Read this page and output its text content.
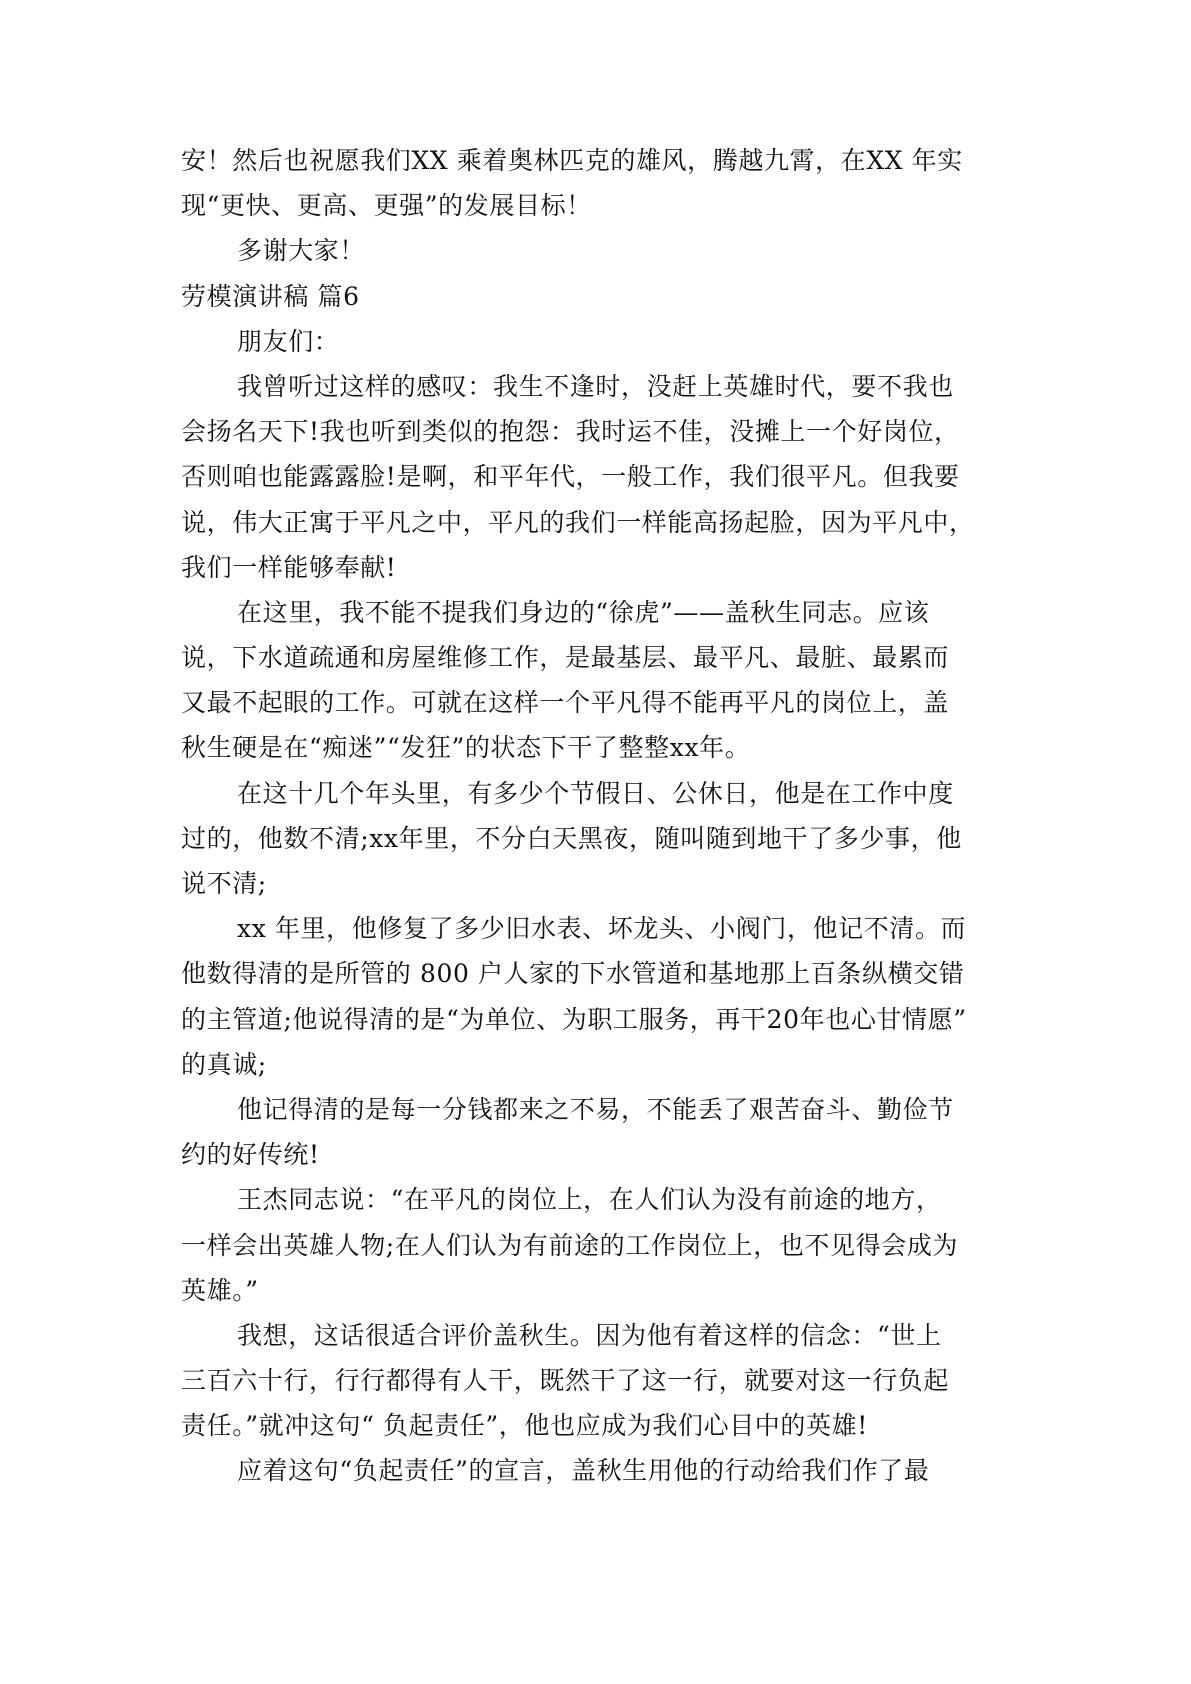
安！然后也祝愿我们XX 乘着奥林匹克的雄风，腾越九霄，在XX 年实
现“更快、更高、更强”的发展目标！
多谢大家！
劳模演讲稿 篇6
朋友们：
我曾听过这样的感叹：我生不逢时，没赶上英雄时代，要不我也
会扬名天下!我也听到类似的抱怨：我时运不佳，没摊上一个好岗位，
否则咱也能露露脸!是啊，和平年代，一般工作，我们很平凡。但我要
说，伟大正寓于平凡之中，平凡的我们一样能高扬起脸，因为平凡中，
我们一样能够奉献!
在这里，我不能不提我们身边的“徐虎”——盖秋生同志。应该
说，下水道疏通和房屋维修工作，是最基层、最平凡、最脏、最累而
又最不起眼的工作。可就在这样一个平凡得不能再平凡的岗位上，盖
秋生硬是在“痴迷”“发狂”的状态下干了整整xx年。
在这十几个年头里，有多少个节假日、公休日，他是在工作中度
过的，他数不清;xx年里，不分白天黑夜，随叫随到地干了多少事，他
说不清;
xx 年里，他修复了多少旧水表、坏龙头、小阀门，他记不清。而
他数得清的是所管的 800 户人家的下水管道和基地那上百条纵横交错
的主管道;他说得清的是“为单位、为职工服务，再干20年也心甘情愿”
的真诚;
他记得清的是每一分钱都来之不易，不能丢了艰苦奋斗、勤俭节
约的好传统!
王杰同志说：“在平凡的岗位上，在人们认为没有前途的地方，
一样会出英雄人物;在人们认为有前途的工作岗位上，也不见得会成为
英雄。”
我想，这话很适合评价盖秋生。因为他有着这样的信念：“世上
三百六十行，行行都得有人干，既然干了这一行，就要对这一行负起
责任。”就冲这句“ 负起责任”，他也应成为我们心目中的英雄!
应着这句“负起责任”的宣言，盖秋生用他的行动给我们作了最
